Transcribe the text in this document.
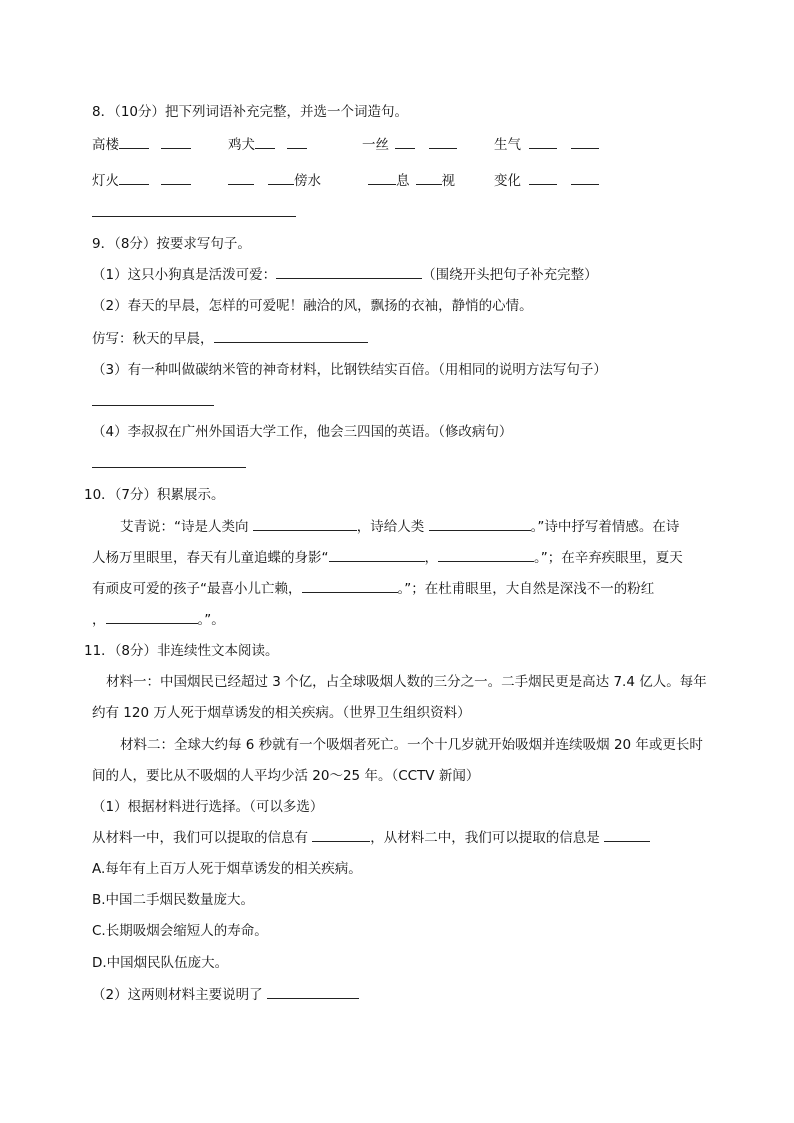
8．（10分）把下列词语补充完整，并选一个词造句。
高楼	鸡犬	一丝	生气
灯火	傍水	息 视	变化
9．（8分）按要求写句子。
（1）这只小狗真是活泼可爱：	（围绕开头把句子补充完整）
（2）春天的早晨，怎样的可爱呢！融洽的风，飘扬的衣袖，静悄的心情。
仿写：秋天的早晨，
（3）有一种叫做碳纳米管的神奇材料，比钢铁结实百倍。（用相同的说明方法写句子）
（4）李叔叔在广州外国语大学工作，他会三四国的英语。（修改病句）
10．（7分）积累展示。
艾青说：“诗是人类向	，诗给人类	。”诗中抒写着情感。在诗
人杨万里眼里，春天有儿童追蝶的身影“	，	。”；在辛弃疾眼里，夏天
有顽皮可爱的孩子“最喜小儿亡赖，	。”；在杜甫眼里，大自然是深浅不一的粉红
，	。”。
11．（8分）非连续性文本阅读。
材料一：中国烟民已经超过 3 个亿，占全球吸烟人数的三分之一。二手烟民更是高达 7.4 亿人。每年
约有 120 万人死于烟草诱发的相关疾病。（世界卫生组织资料）
材料二：全球大约每 6 秒就有一个吸烟者死亡。一个十几岁就开始吸烟并连续吸烟 20 年或更长时
间的人，要比从不吸烟的人平均少活 20～25 年。（CCTV 新闻）
（1）根据材料进行选择。（可以多选）
从材料一中，我们可以提取的信息有	，从材料二中，我们可以提取的信息是
A.每年有上百万人死于烟草诱发的相关疾病。
B.中国二手烟民数量庞大。
C.长期吸烟会缩短人的寿命。
D.中国烟民队伍庞大。
（2）这两则材料主要说明了
